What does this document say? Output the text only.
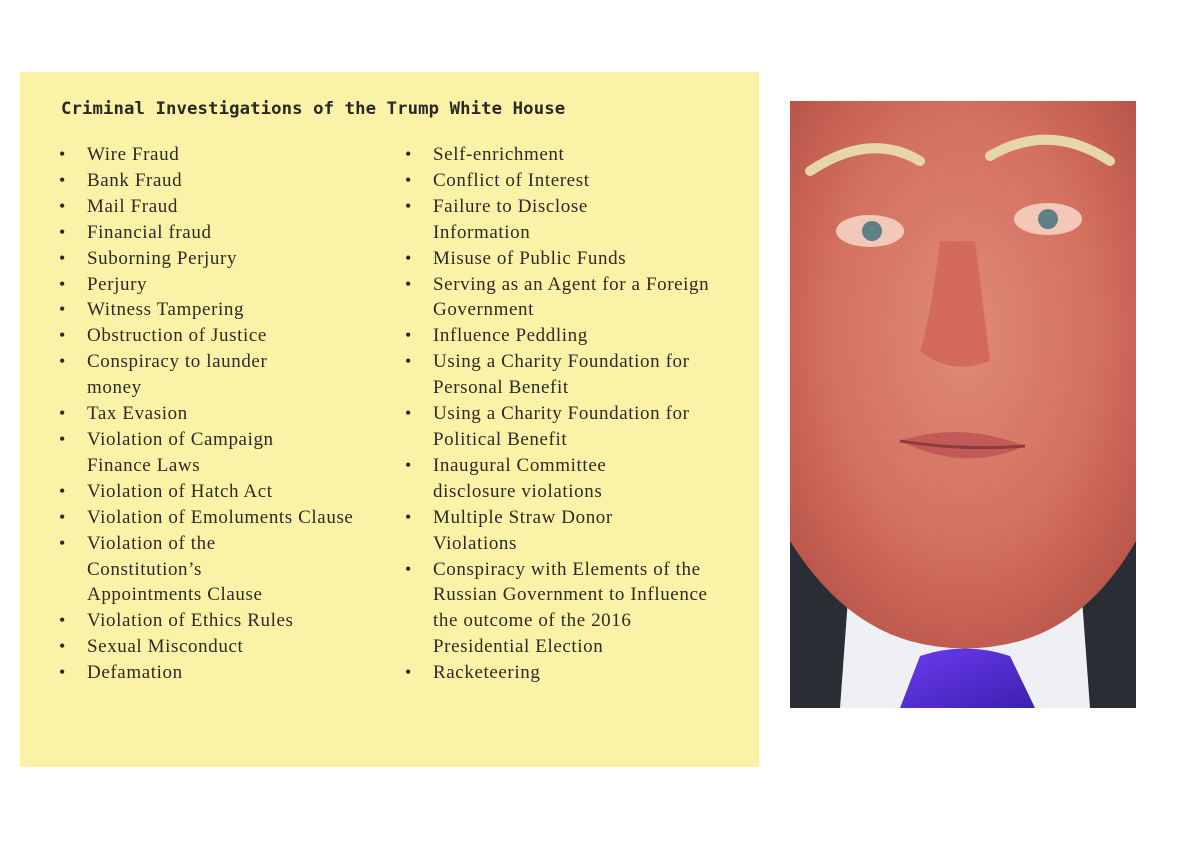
Criminal Investigations of the Trump White House
• Wire Fraud
• Bank Fraud
• Mail Fraud
• Financial fraud
• Suborning Perjury
• Perjury
• Witness Tampering
• Obstruction of Justice
• Conspiracy to launder money
• Tax Evasion
• Violation of Campaign Finance Laws
• Violation of Hatch Act
• Violation of Emoluments Clause
• Violation of the Constitution’s Appointments Clause
• Violation of Ethics Rules
• Sexual Misconduct
• Defamation
• Self-enrichment
• Conflict of Interest
• Failure to Disclose Information
• Misuse of Public Funds
• Serving as an Agent for a Foreign Government
• Influence Peddling
• Using a Charity Foundation for Personal Benefit
• Using a Charity Foundation for Political Benefit
• Inaugural Committee disclosure violations
• Multiple Straw Donor Violations
• Conspiracy with Elements of the Russian Government to Influence the outcome of the 2016 Presidential Election
• Racketeering
